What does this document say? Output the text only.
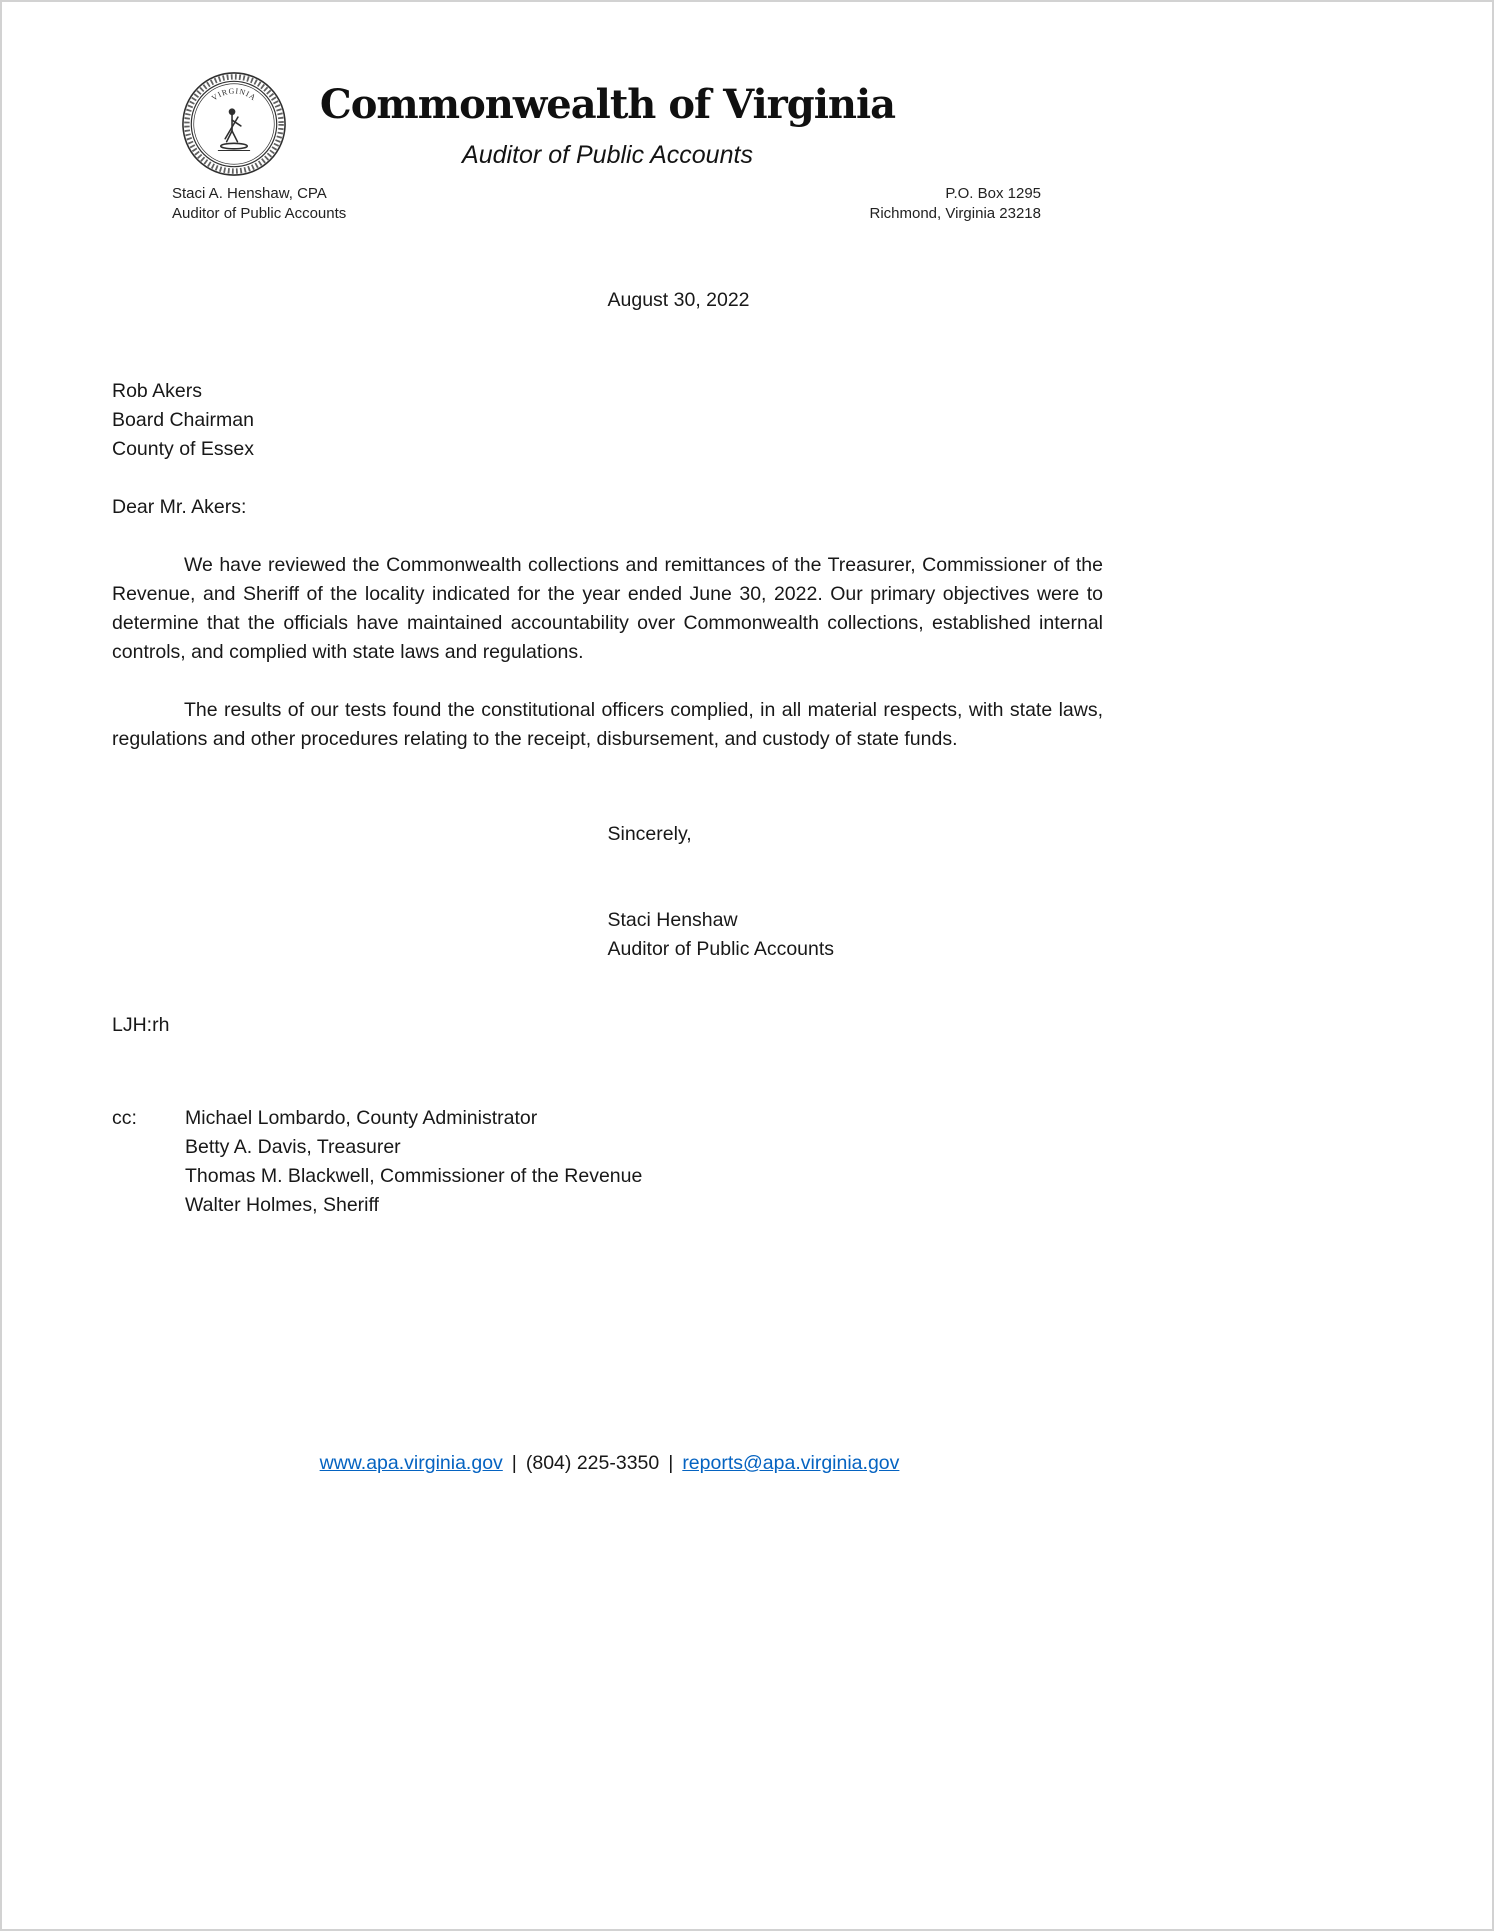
VIRGINIA	Commonwealth of Virginia
Auditor of Public Accounts
Staci A. Henshaw, CPA
Auditor of Public Accounts
P.O. Box 1295
Richmond, Virginia 23218
August 30, 2022
Rob Akers
Board Chairman
County of Essex
Dear Mr. Akers:

We have reviewed the Commonwealth collections and remittances of the Treasurer, Commissioner of the Revenue, and Sheriff of the locality indicated for the year ended June 30, 2022. Our primary objectives were to determine that the officials have maintained accountability over Commonwealth collections, established internal controls, and complied with state laws and regulations.

The results of our tests found the constitutional officers complied, in all material respects, with state laws, regulations and other procedures relating to the receipt, disbursement, and custody of state funds.

Sincerely,
Staci Henshaw
Auditor of Public Accounts
LJH:rh
cc:	Michael Lombardo, County Administrator
Betty A. Davis, Treasurer
Thomas M. Blackwell, Commissioner of the Revenue
Walter Holmes, Sheriff
www.apa.virginia.gov | (804) 225-3350 | reports@apa.virginia.gov
